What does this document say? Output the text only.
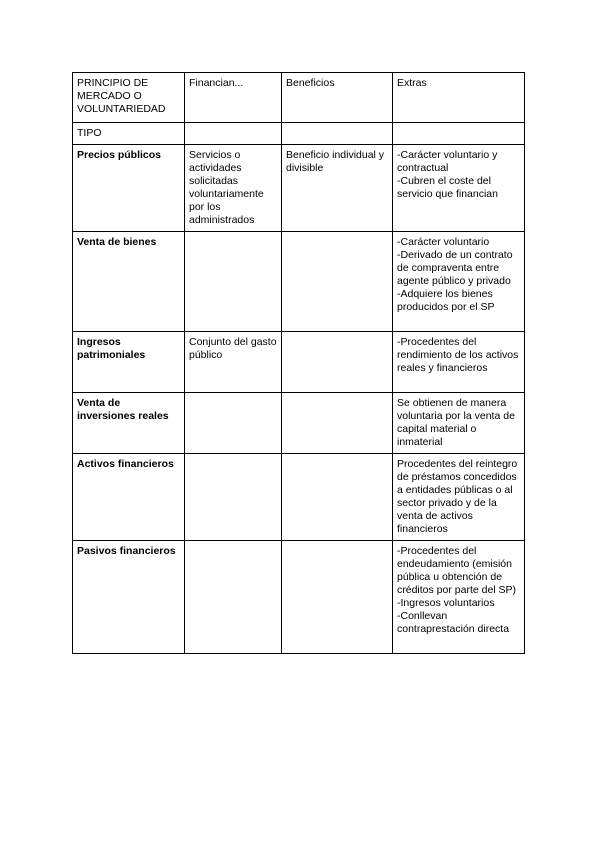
PRINCIPIO DE MERCADO O VOLUNTARIEDAD	Financian...	Beneficios	Extras
TIPO			
Precios públicos	Servicios o actividades solicitadas voluntariamente por los administrados	Beneficio individual y divisible	-Carácter voluntario y contractual
-Cubren el coste del servicio que financian

Venta de bienes			-Carácter voluntario
-Derivado de un contrato de compraventa entre agente público y privado
-Adquiere los bienes producidos por el SP

Ingresos patrimoniales	Conjunto del gasto público		-Procedentes del rendimiento de los activos reales y financieros

Venta de inversiones reales			Se obtienen de manera voluntaria por la venta de capital material o inmaterial

Activos financieros			Procedentes del reintegro de préstamos concedidos a entidades públicas o al sector privado y de la venta de activos financieros

Pasivos financieros			-Procedentes del endeudamiento (emisión pública u obtención de créditos por parte del SP)
-Ingresos voluntarios
-Conllevan contraprestación directa
